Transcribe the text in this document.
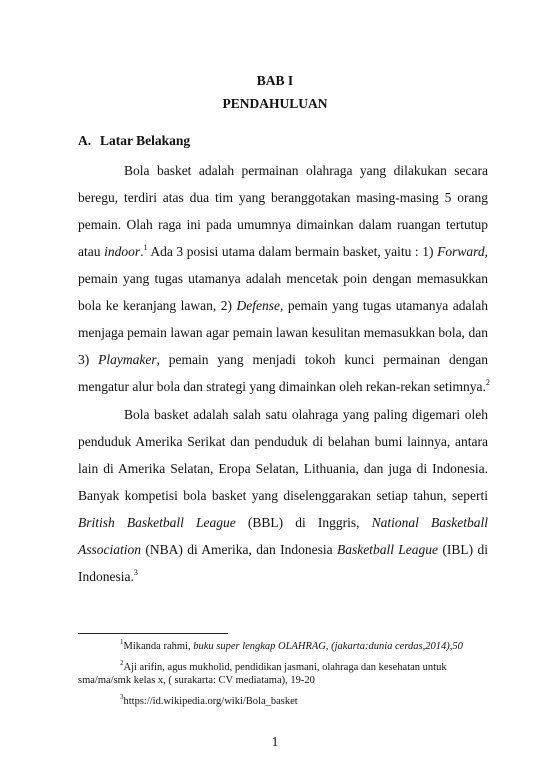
BAB I
PENDAHULUAN
A. Latar Belakang
Bola basket adalah permainan olahraga yang dilakukan secara
beregu, terdiri atas dua tim yang beranggotakan masing-masing 5 orang
pemain. Olah raga ini pada umumnya dimainkan dalam ruangan tertutup
atau indoor.$^1$ Ada 3 posisi utama dalam bermain basket, yaitu : 1) Forward,
pemain yang tugas utamanya adalah mencetak poin dengan memasukkan
bola ke keranjang lawan, 2) Defense, pemain yang tugas utamanya adalah
menjaga pemain lawan agar pemain lawan kesulitan memasukkan bola, dan
3) Playmaker, pemain yang menjadi tokoh kunci permainan dengan
mengatur alur bola dan strategi yang dimainkan oleh rekan-rekan setimnya.$^2$
Bola basket adalah salah satu olahraga yang paling digemari oleh
penduduk Amerika Serikat dan penduduk di belahan bumi lainnya, antara
lain di Amerika Selatan, Eropa Selatan, Lithuania, dan juga di Indonesia.
Banyak kompetisi bola basket yang diselenggarakan setiap tahun, seperti
British Basketball League (BBL) di Inggris, National Basketball
Association (NBA) di Amerika, dan Indonesia Basketball League (IBL) di
Indonesia.$^3$
$^1$Mikanda rahmi, buku super lengkap OLAHRAG, (jakarta:dunia cerdas,2014),50
$^2$Aji arifin, agus mukholid, pendidikan jasmani, olahraga dan kesehatan untuk
sma/ma/smk kelas x, ( surakarta: CV mediatama), 19-20
$^3$https://id.wikipedia.org/wiki/Bola_basket
1
